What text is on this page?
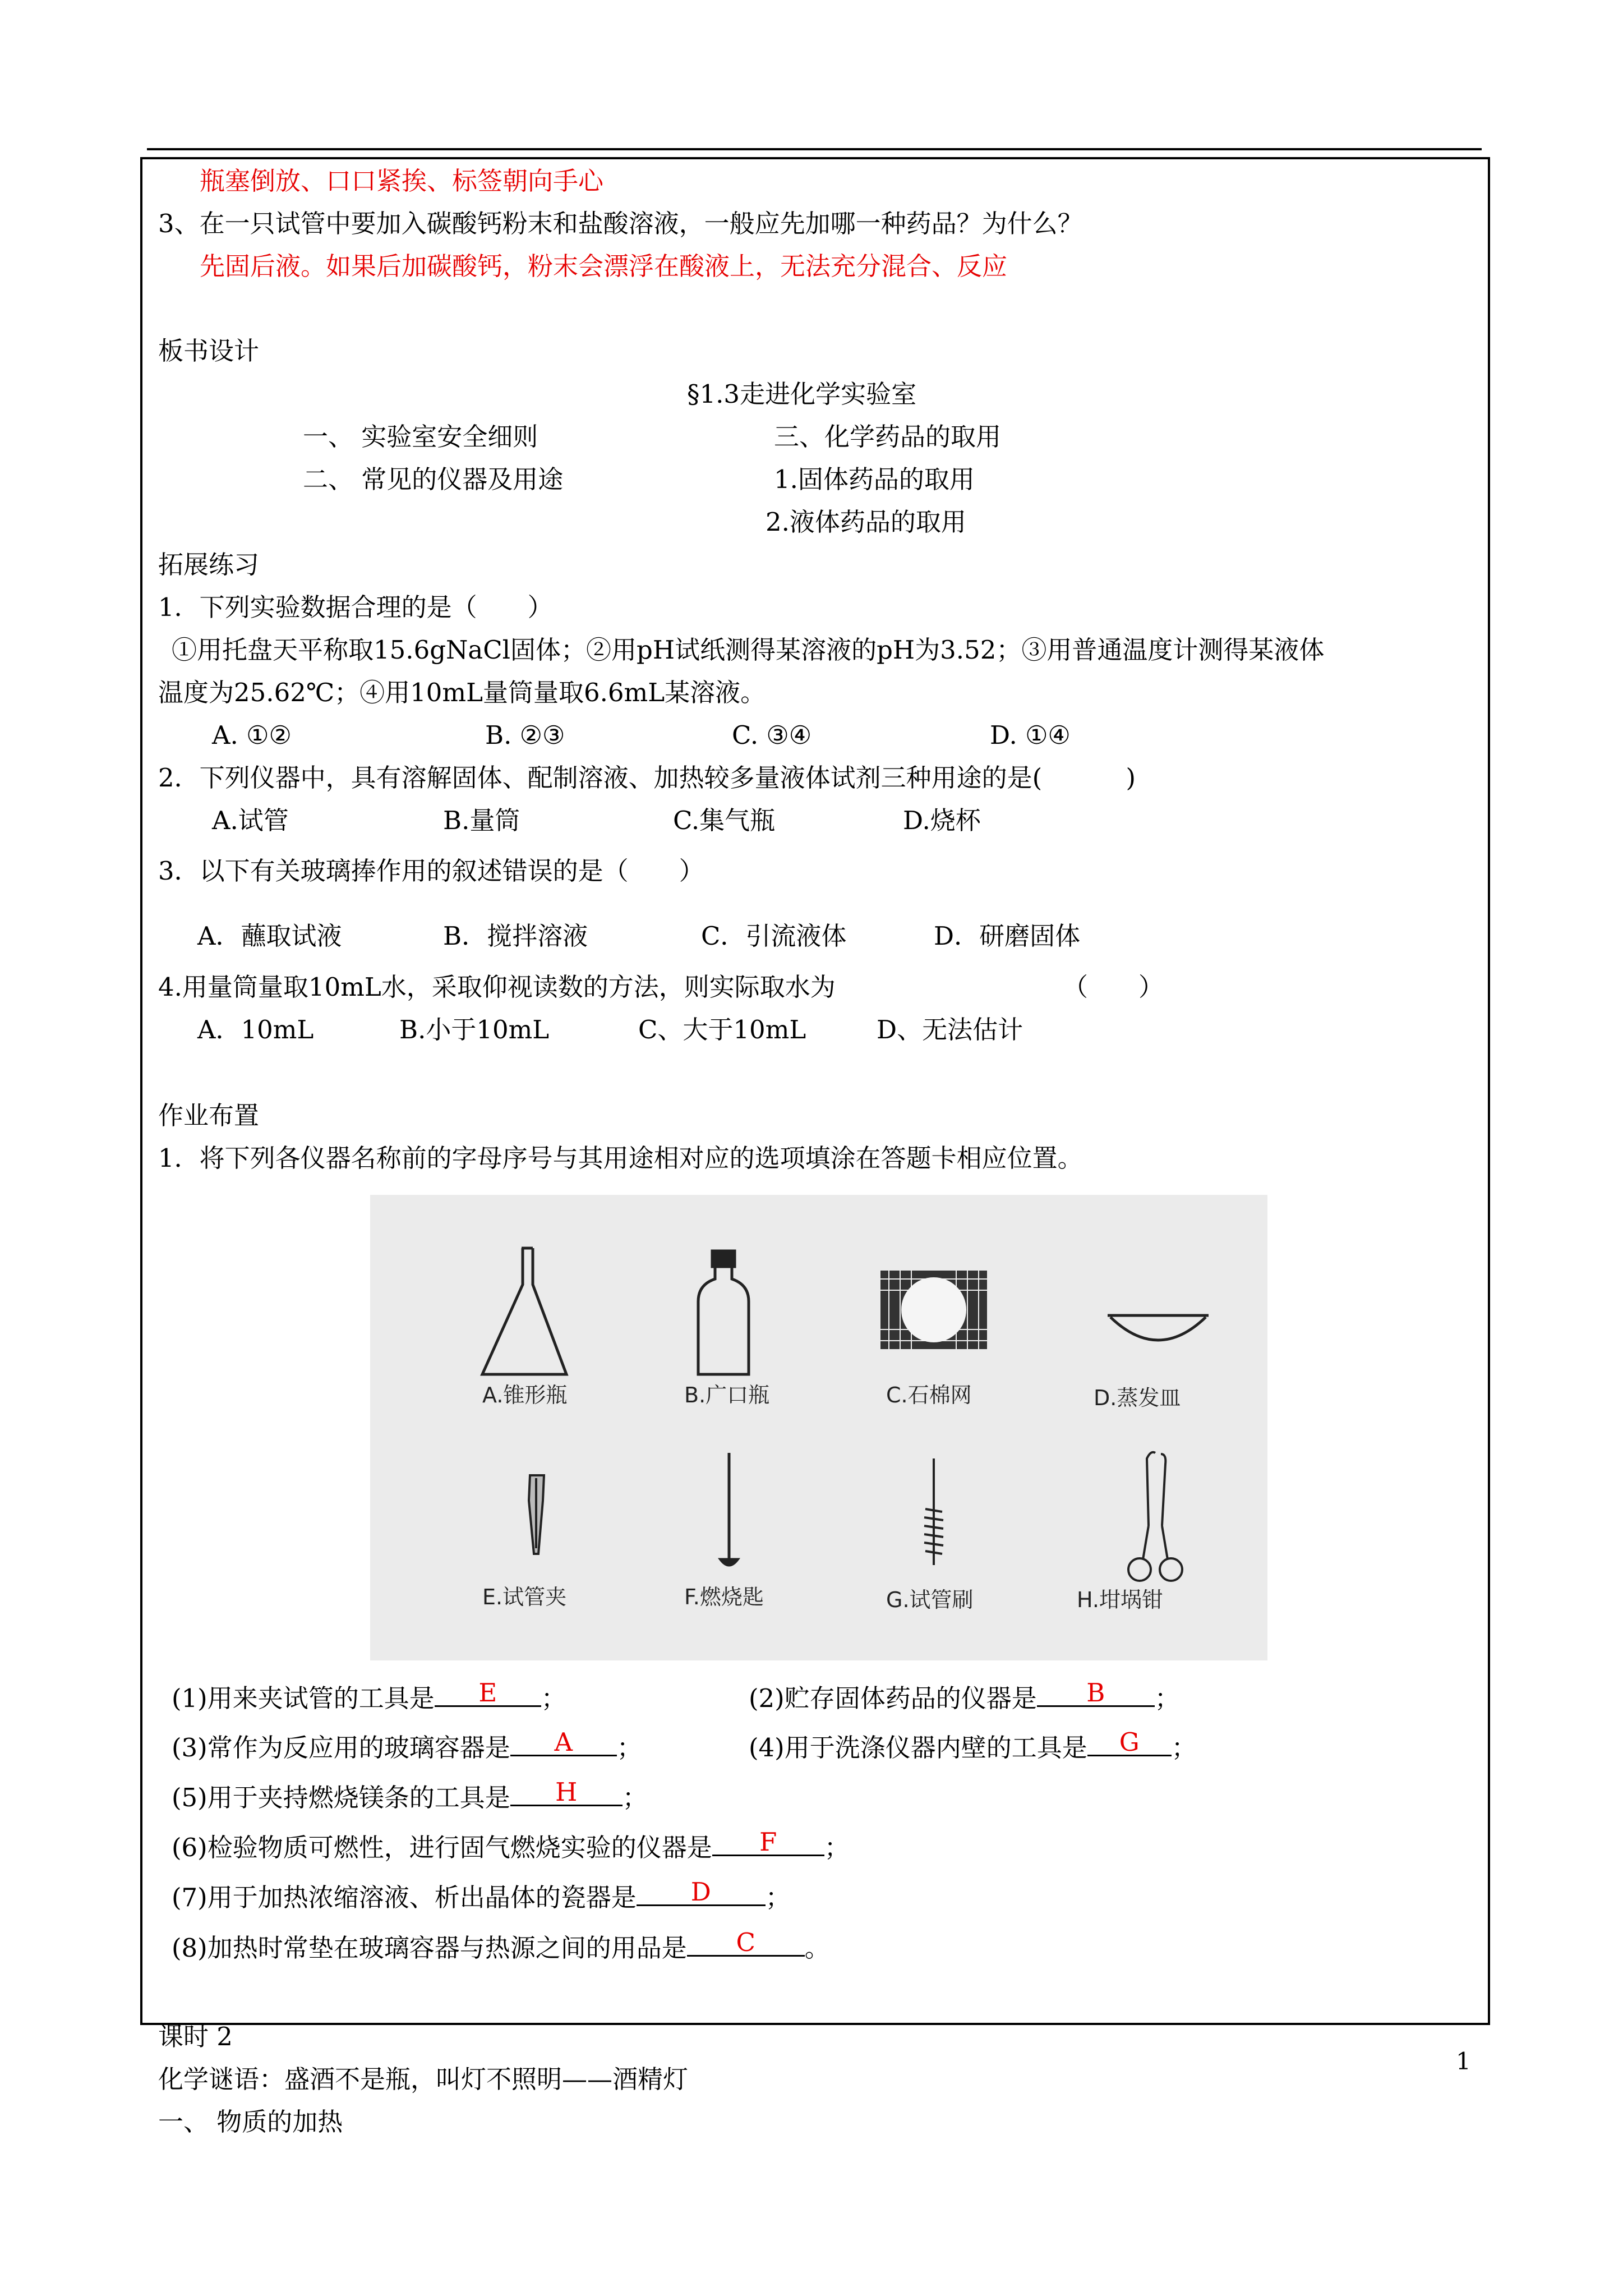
瓶塞倒放、口口紧挨、标签朝向手心
3、在一只试管中要加入碳酸钙粉末和盐酸溶液，一般应先加哪一种药品？为什么？
先固后液。如果后加碳酸钙，粉末会漂浮在酸液上，无法充分混合、反应
板书设计
§1.3走进化学实验室
一、 实验室安全细则	三、化学药品的取用
二、 常见的仪器及用途	1.固体药品的取用
2.液体药品的取用
拓展练习
1．下列实验数据合理的是（　　）
①用托盘天平称取15.6gNaCl固体；②用pH试纸测得某溶液的pH为3.52；③用普通温度计测得某液体
温度为25.62℃；④用10mL量筒量取6.6mL某溶液。
A. ①②	B. ②③	C. ③④	D. ①④
2．下列仪器中，具有溶解固体、配制溶液、加热较多量液体试剂三种用途的是(　　　 )
A.试管	B.量筒	C.集气瓶	D.烧杯
3．以下有关玻璃捧作用的叙述错误的是（　　）
A．蘸取试液	B．搅拌溶液	C．引流液体	D．研磨固体
4.用量筒量取10mL水，采取仰视读数的方法，则实际取水为	（　　）
A．10mL	B.小于10mL	C、大于10mL	D、无法估计
作业布置
1．将下列各仪器名称前的字母序号与其用途相对应的选项填涂在答题卡相应位置。
A.锥形瓶	B.广口瓶	C.石棉网	D.蒸发皿
E.试管夹	F.燃烧匙	G.试管刷	H.坩埚钳
(1)用来夹试管的工具是	E	；	(2)贮存固体药品的仪器是	B	；
(3)常作为反应用的玻璃容器是	A	；	(4)用于洗涤仪器内壁的工具是	G	；
(5)用于夹持燃烧镁条的工具是	H	；
(6)检验物质可燃性，进行固气燃烧实验的仪器是	F	；
(7)用于加热浓缩溶液、析出晶体的瓷器是	D	；
(8)加热时常垫在玻璃容器与热源之间的用品是	C	。
课时 2
化学谜语：盛酒不是瓶，叫灯不照明——酒精灯
一、 物质的加热
1
